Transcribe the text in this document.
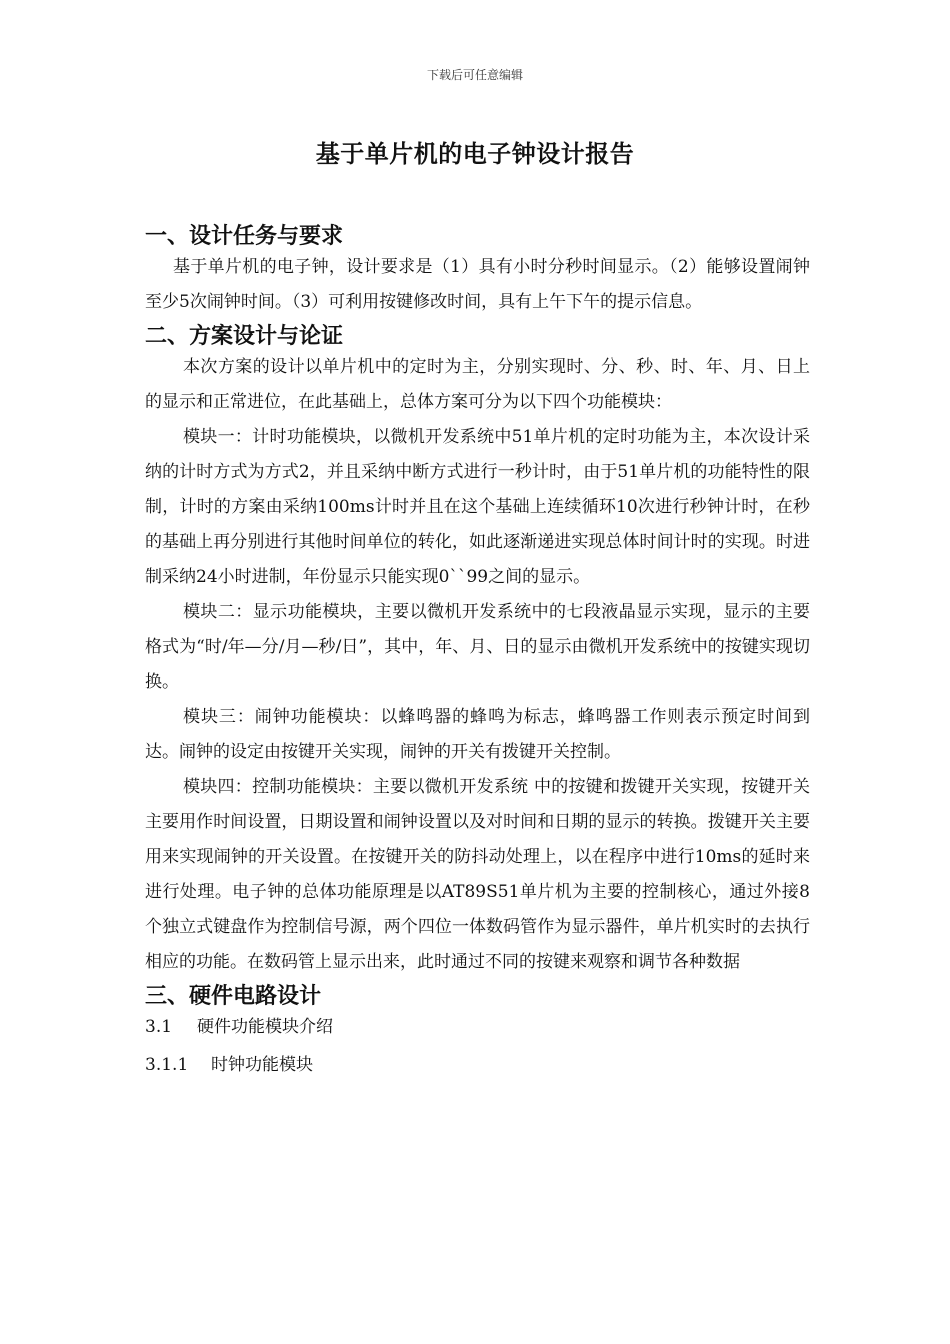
下载后可任意编辑
基于单片机的电子钟设计报告
一、设计任务与要求

基于单片机的电子钟，设计要求是（1）具有小时分秒时间显示。（2）能够设置闹钟至少5次闹钟时间。（3）可利用按键修改时间，具有上午下午的提示信息。

二、方案设计与论证

本次方案的设计以单片机中的定时为主，分别实现时、分、秒、时、年、月、日上的显示和正常进位，在此基础上，总体方案可分为以下四个功能模块：

模块一：计时功能模块，以微机开发系统中51单片机的定时功能为主，本次设计采纳的计时方式为方式2，并且采纳中断方式进行一秒计时，由于51单片机的功能特性的限制，计时的方案由采纳100ms计时并且在这个基础上连续循环10次进行秒钟计时，在秒的基础上再分别进行其他时间单位的转化，如此逐渐递进实现总体时间计时的实现。时进制采纳24小时进制，年份显示只能实现0``99之间的显示。

模块二：显示功能模块，主要以微机开发系统中的七段液晶显示实现，显示的主要格式为“时/年—分/月—秒/日”，其中，年、月、日的显示由微机开发系统中的按键实现切换。

模块三：闹钟功能模块：以蜂鸣器的蜂鸣为标志，蜂鸣器工作则表示预定时间到达。闹钟的设定由按键开关实现，闹钟的开关有拨键开关控制。

模块四：控制功能模块：主要以微机开发系统 中的按键和拨键开关实现，按键开关主要用作时间设置，日期设置和闹钟设置以及对时间和日期的显示的转换。拨键开关主要用来实现闹钟的开关设置。在按键开关的防抖动处理上，以在程序中进行10ms的延时来进行处理。电子钟的总体功能原理是以AT89S51单片机为主要的控制核心，通过外接8个独立式键盘作为控制信号源，两个四位一体数码管作为显示器件，单片机实时的去执行相应的功能。在数码管上显示出来，此时通过不同的按键来观察和调节各种数据

三、硬件电路设计

3.1 硬件功能模块介绍

3.1.1 时钟功能模块
